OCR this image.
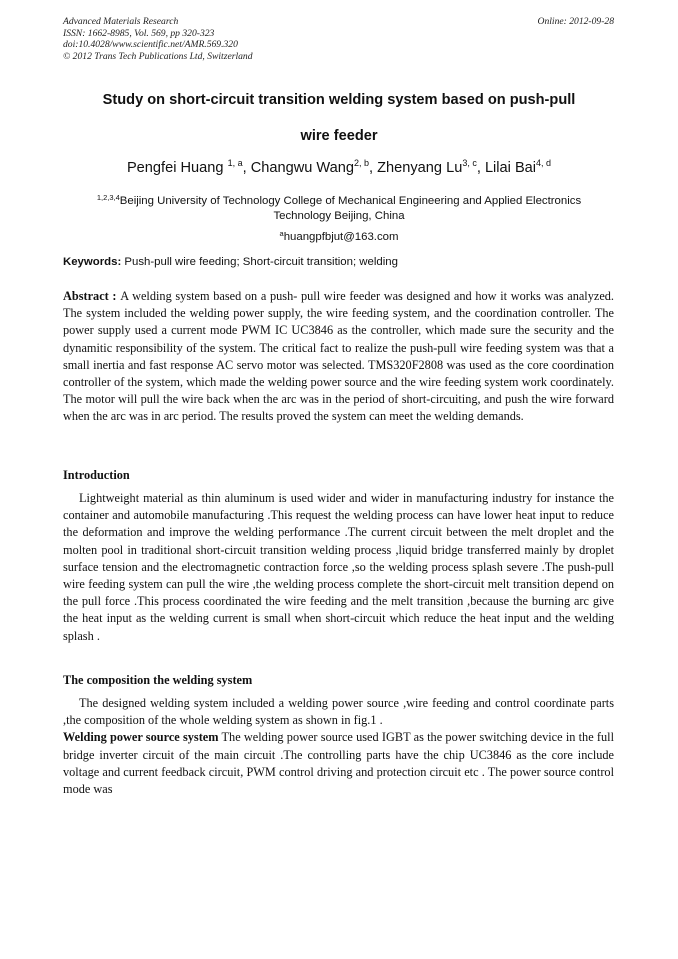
Advanced Materials Research
ISSN: 1662-8985, Vol. 569, pp 320-323
doi:10.4028/www.scientific.net/AMR.569.320
© 2012 Trans Tech Publications Ltd, Switzerland
Online: 2012-09-28
Study on short-circuit transition welding system based on push-pull
wire feeder
Pengfei Huang $^{1, a}$, Changwu Wang$^{2, b}$, Zhenyang Lu$^{3, c}$, Lilai Bai$^{4, d}$
$^{1,2,3,4}$Beijing University of Technology College of Mechanical Engineering and Applied Electronics
Technology Beijing, China
$^a$huangpfbjut@163.com
Keywords: Push-pull wire feeding; Short-circuit transition; welding

Abstract : A welding system based on a push- pull wire feeder was designed and how it works was analyzed. The system included the welding power supply, the wire feeding system, and the coordination controller. The power supply used a current mode PWM IC UC3846 as the controller, which made sure the security and the dynamitic responsibility of the system. The critical fact to realize the push-pull wire feeding system was that a small inertia and fast response AC servo motor was selected. TMS320F2808 was used as the core coordination controller of the system, which made the welding power source and the wire feeding system work coordinately. The motor will pull the wire back when the arc was in the period of short-circuiting, and push the wire forward when the arc was in arc period. The results proved the system can meet the welding demands.

Introduction

Lightweight material as thin aluminum is used wider and wider in manufacturing industry for instance the container and automobile manufacturing .This request the welding process can have lower heat input to reduce the deformation and improve the welding performance .The current circuit between the melt droplet and the molten pool in traditional short-circuit transition welding process ,liquid bridge transferred mainly by droplet surface tension and the electromagnetic contraction force ,so the welding process splash severe .The push-pull wire feeding system can pull the wire ,the welding process complete the short-circuit melt transition depend on the pull force .This process coordinated the wire feeding and the melt transition ,because the burning arc give the heat input as the welding current is small when short-circuit which reduce the heat input and the welding splash .

The composition the welding system

The designed welding system included a welding power source ,wire feeding and control coordinate parts ,the composition of the whole welding system as shown in fig.1 .

Welding power source system The welding power source used IGBT as the power switching device in the full bridge inverter circuit of the main circuit .The controlling parts have the chip UC3846 as the core include voltage and current feedback circuit, PWM control driving and protection circuit etc . The power source control mode was
